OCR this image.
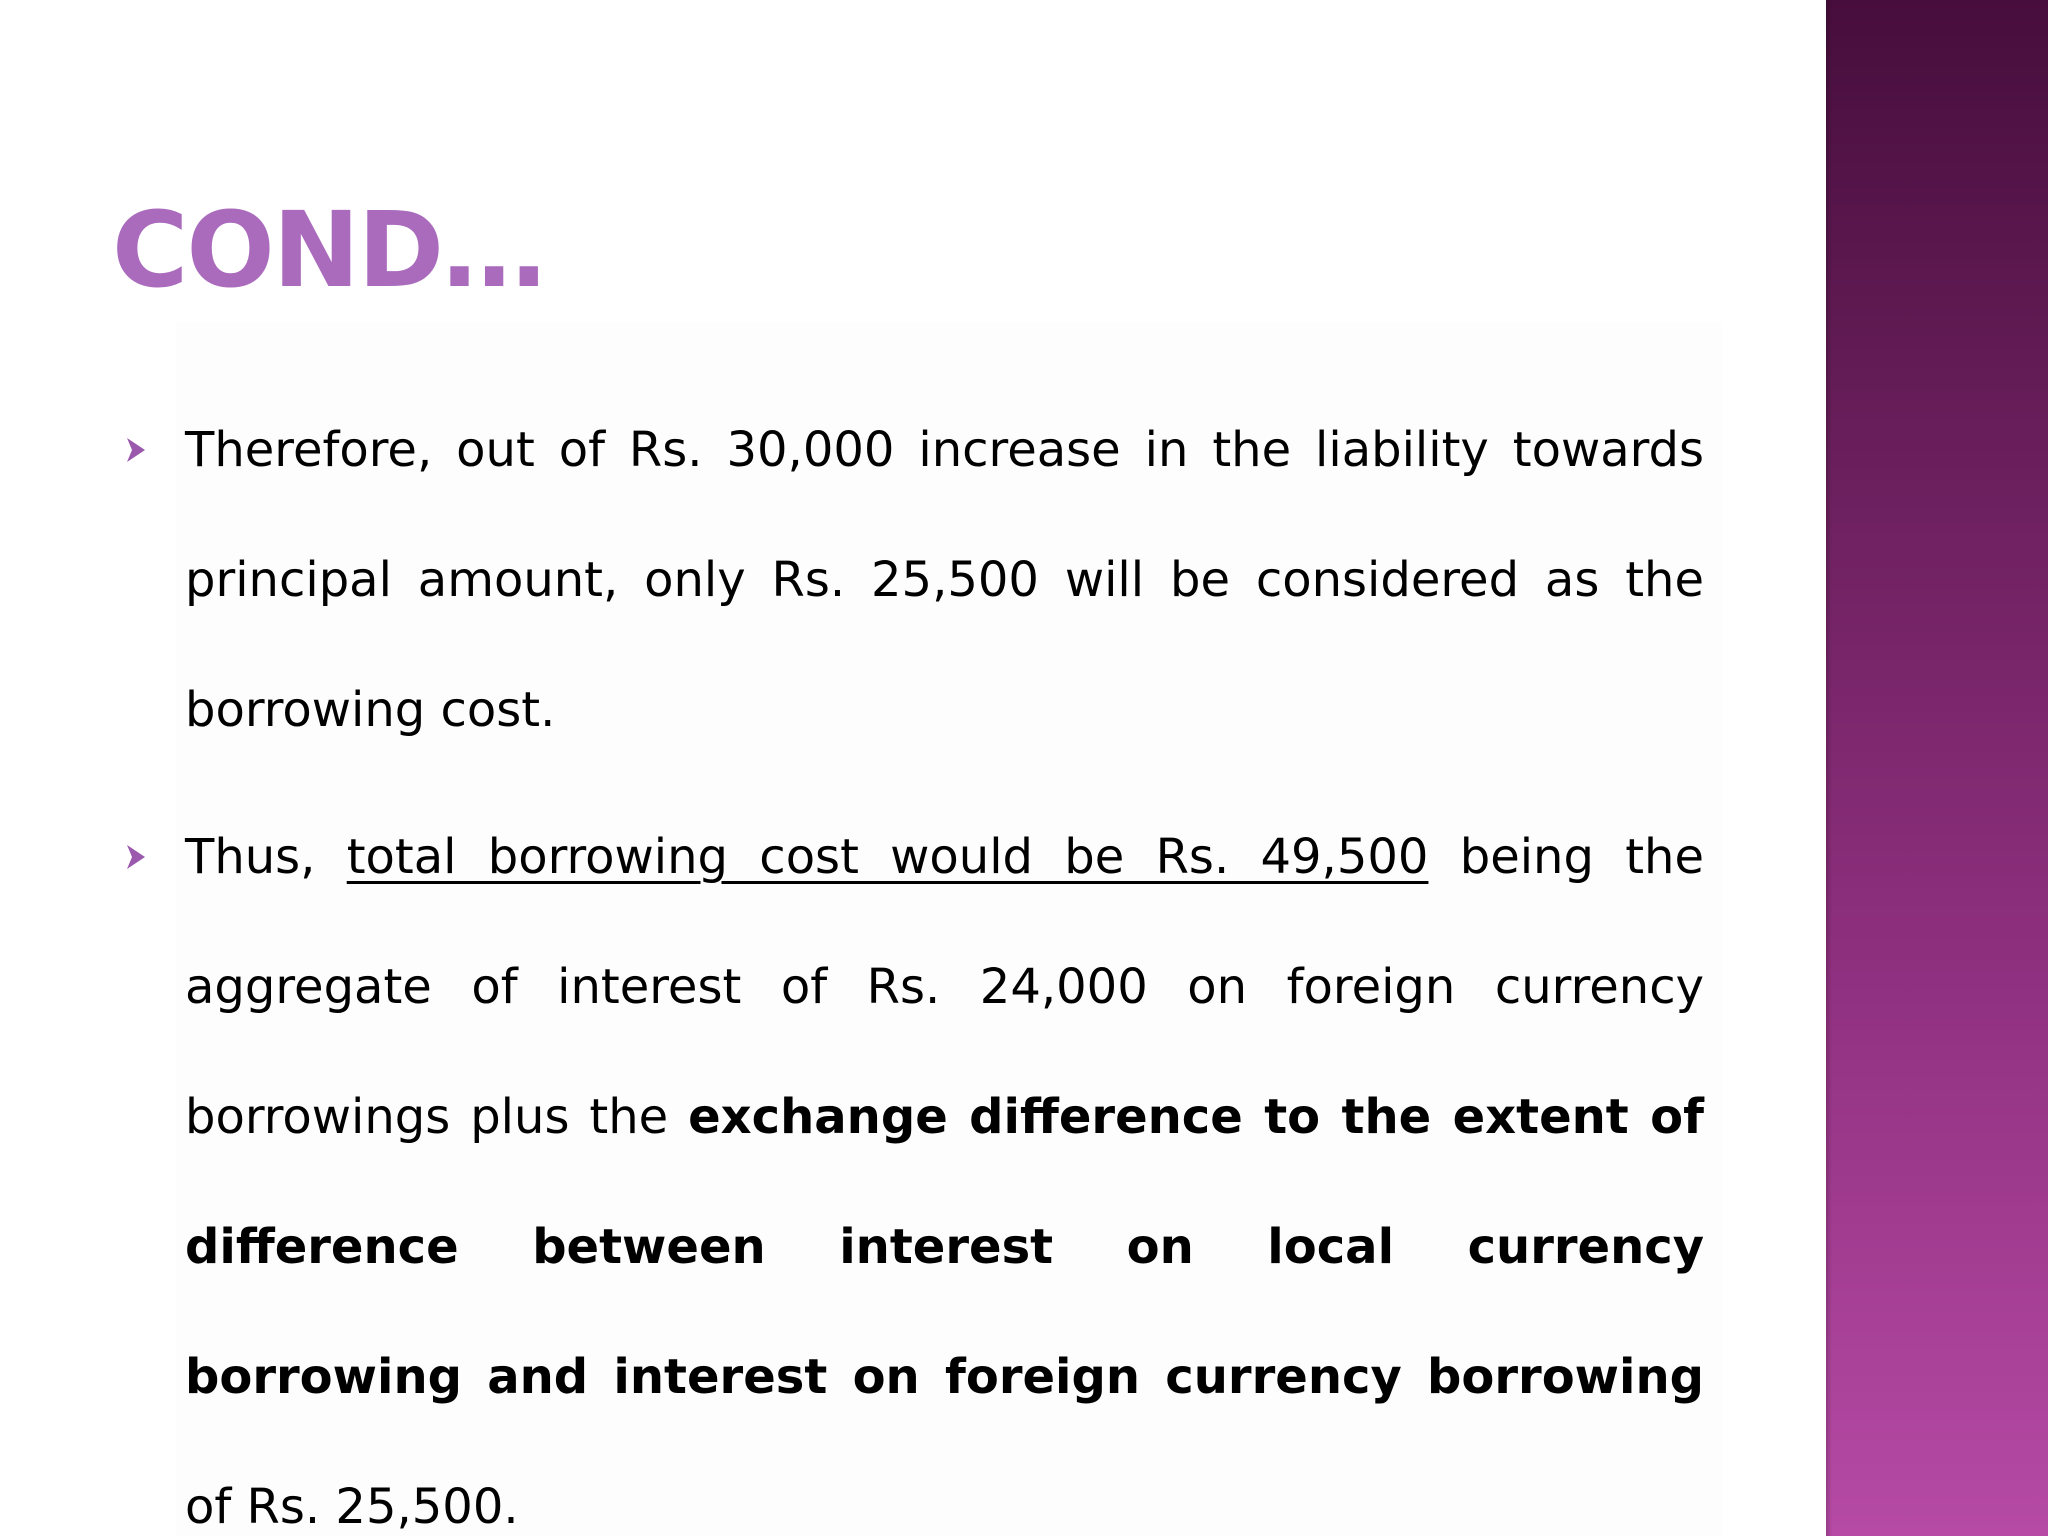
COND…
Therefore, out of Rs. 30,000 increase in the liability towards principal amount, only Rs. 25,500 will be considered as the borrowing cost.
Thus, total borrowing cost would be Rs. 49,500 being the aggregate of interest of Rs. 24,000 on foreign currency borrowings plus the exchange difference to the extent of difference between interest on local currency borrowing and interest on foreign currency borrowing of Rs. 25,500.
